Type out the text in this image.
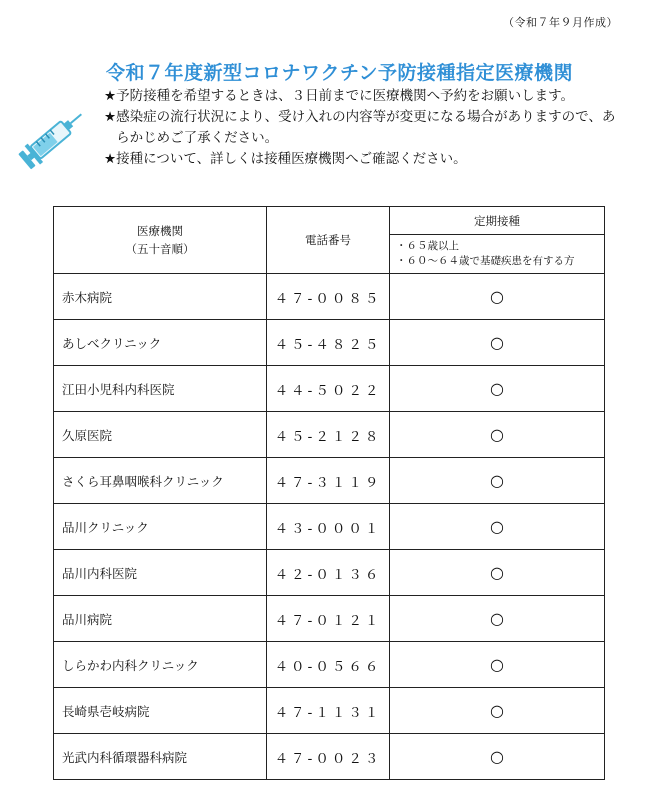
（令和７年９月作成）
令和７年度新型コロナワクチン予防接種指定医療機関
★ 予防接種を希望するときは、３日前までに医療機関へ予約をお願いします。
★ 感染症の流行状況により、受け入れの内容等が変更になる場合がありますので、あらかじめご了承ください。
★ 接種について、詳しくは接種医療機関へご確認ください。
医療機関
（五十音順）	電話番号	定期接種

		・６５歳以上
・６０～６４歳で基礎疾患を有する方

赤木病院	４７-００８５	○
あしべクリニック	４５-４８２５	○
江田小児科内科医院	４４-５０２２	○
久原医院	４５-２１２８	○
さくら耳鼻咽喉科クリニック	４７-３１１９	○
品川クリニック	４３-０００１	○
品川内科医院	４２-０１３６	○
品川病院	４７-０１２１	○
しらかわ内科クリニック	４０-０５６６	○
長崎県壱岐病院	４７-１１３１	○
光武内科循環器科病院	４７-００２３	○
